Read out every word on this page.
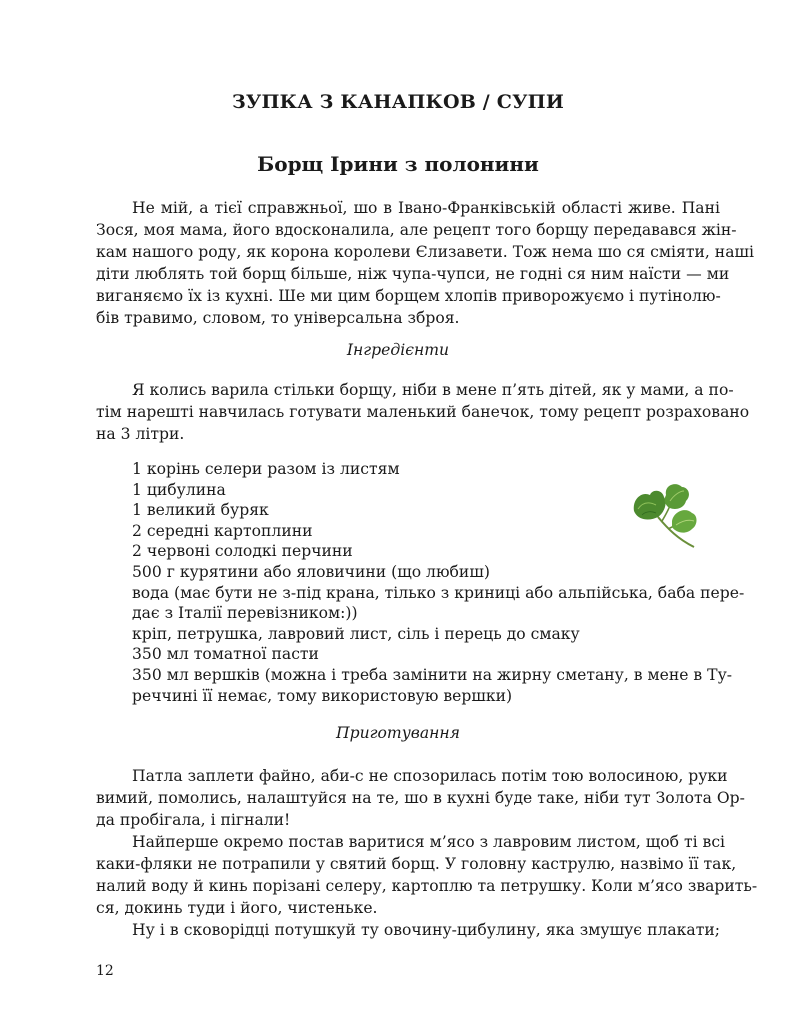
ЗУПКА З КАНАПКОВ / СУПИ
Борщ Ірини з полонини
Не мій, а тієї справжньої, шо в Івано-Франківській області живе. Пані
Зося, моя мама, його вдосконалила, але рецепт того борщу передавався жін-
кам нашого роду, як корона королеви Єлизавети. Тож нема шо ся сміяти, наші
діти люблять той борщ більше, ніж чупа-чупси, не годні ся ним наїсти — ми
виганяємо їх із кухні. Ше ми цим борщем хлопів приворожуємо і путінолю-
бів травимо, словом, то універсальна зброя.
Інгредієнти
Я колись варила стільки борщу, ніби в мене п’ять дітей, як у мами, а по-
тім нарешті навчилась готувати маленький банечок, тому рецепт розраховано
на 3 літри.
1 корінь селери разом із листям
1 цибулина
1 великий буряк
2 середні картоплини
2 червоні солодкі перчини
500 г курятини або яловичини (що любиш)
вода (має бути не з-під крана, тілько з криниці або альпійська, баба пере-
дає з Італії перевізником:))
кріп, петрушка, лавровий лист, сіль і перець до смаку
350 мл томатної пасти
350 мл вершків (можна і треба замінити на жирну сметану, в мене в Ту-
реччині її немає, тому використовую вершки)
Приготування
Патла заплети файно, аби-с не спозорилась потім тою волосиною, руки
вимий, помолись, налаштуйся на те, шо в кухні буде таке, ніби тут Золота Ор-
да пробігала, і пігнали!
Найперше окремо постав варитися м’ясо з лавровим листом, щоб ті всі
каки-фляки не потрапили у святий борщ. У головну каструлю, назвімо її так,
налий воду й кинь порізані селеру, картоплю та петрушку. Коли м’ясо зварить-
ся, докинь туди і його, чистеньке.
Ну і в сковорідці потушкуй ту овочину-цибулину, яка змушує плакати;
12
